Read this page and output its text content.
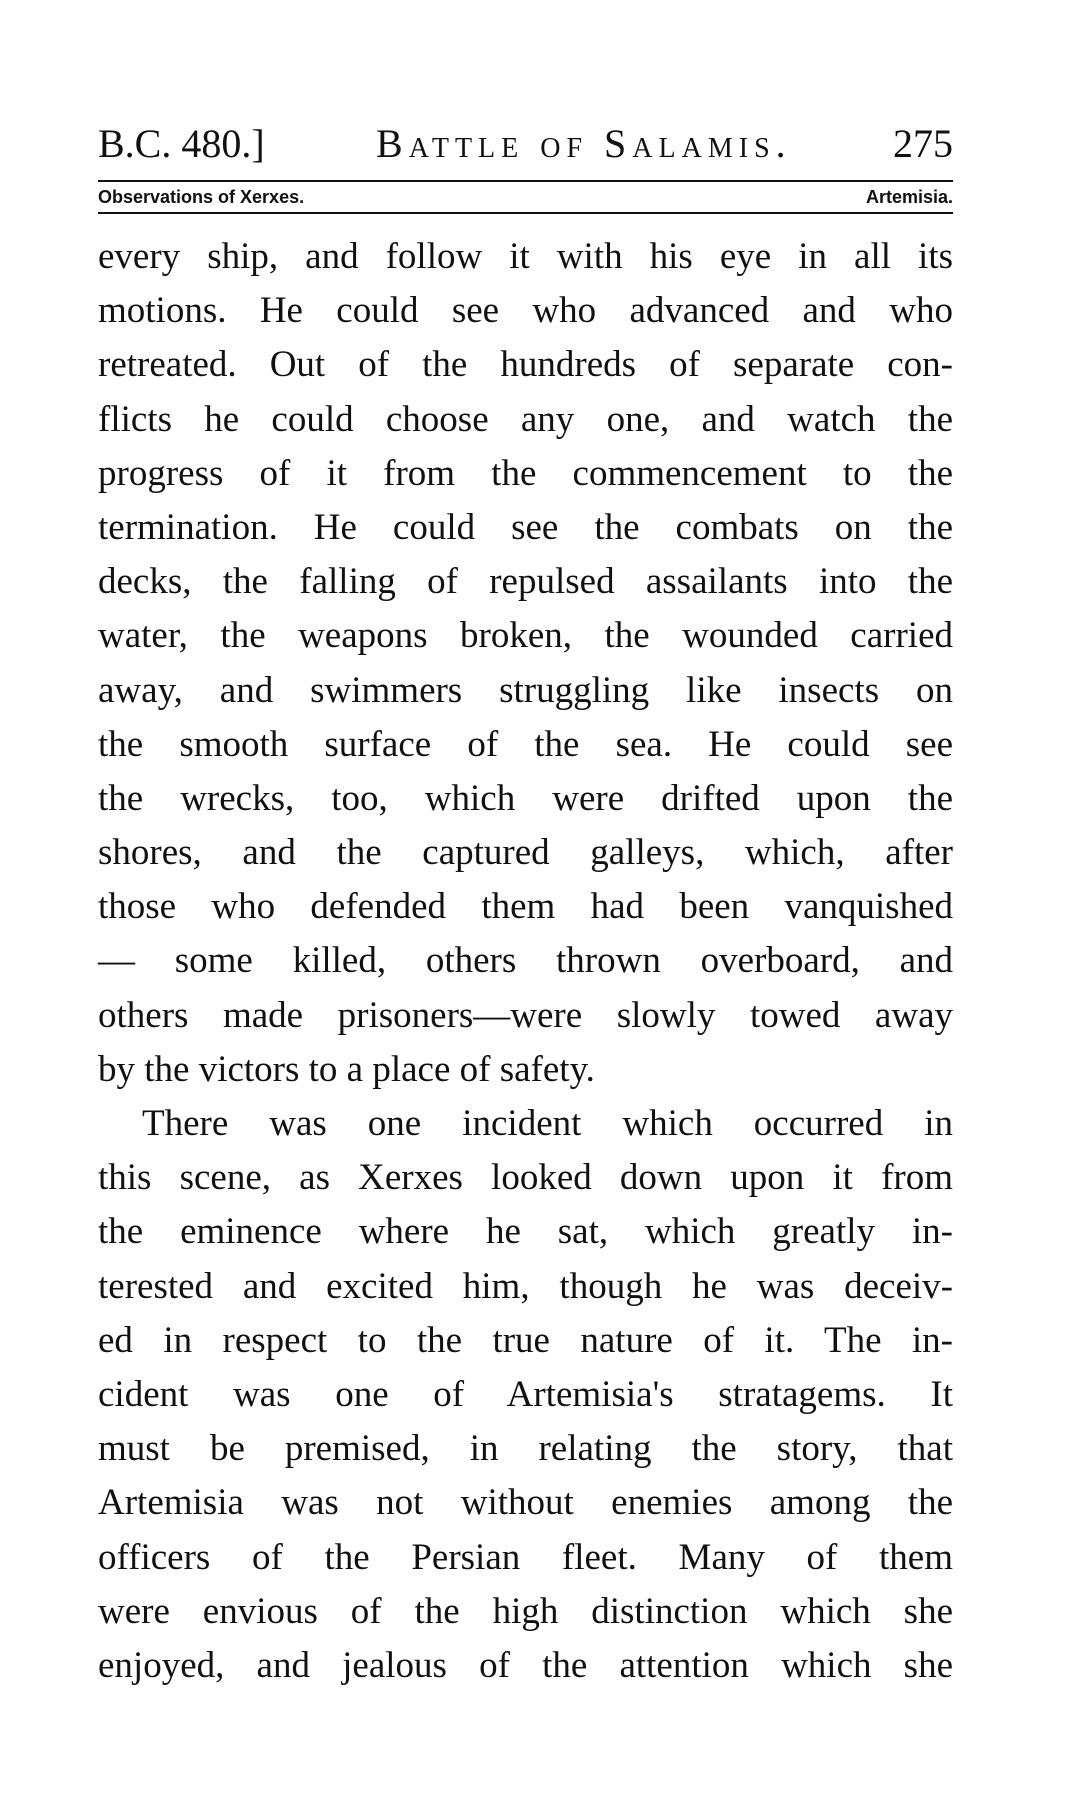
B.C. 480.]	Battle of Salamis.	275
Observations of Xerxes.	Artemisia.
every ship, and follow it with his eye in all its
motions. He could see who advanced and who
retreated. Out of the hundreds of separate con-
flicts he could choose any one, and watch the
progress of it from the commencement to the
termination. He could see the combats on the
decks, the falling of repulsed assailants into the
water, the weapons broken, the wounded carried
away, and swimmers struggling like insects on
the smooth surface of the sea. He could see
the wrecks, too, which were drifted upon the
shores, and the captured galleys, which, after
those who defended them had been vanquished
— some killed, others thrown overboard, and
others made prisoners—were slowly towed away
by the victors to a place of safety.
There was one incident which occurred in
this scene, as Xerxes looked down upon it from
the eminence where he sat, which greatly in-
terested and excited him, though he was deceiv-
ed in respect to the true nature of it. The in-
cident was one of Artemisia's stratagems. It
must be premised, in relating the story, that
Artemisia was not without enemies among the
officers of the Persian fleet. Many of them
were envious of the high distinction which she
enjoyed, and jealous of the attention which she
